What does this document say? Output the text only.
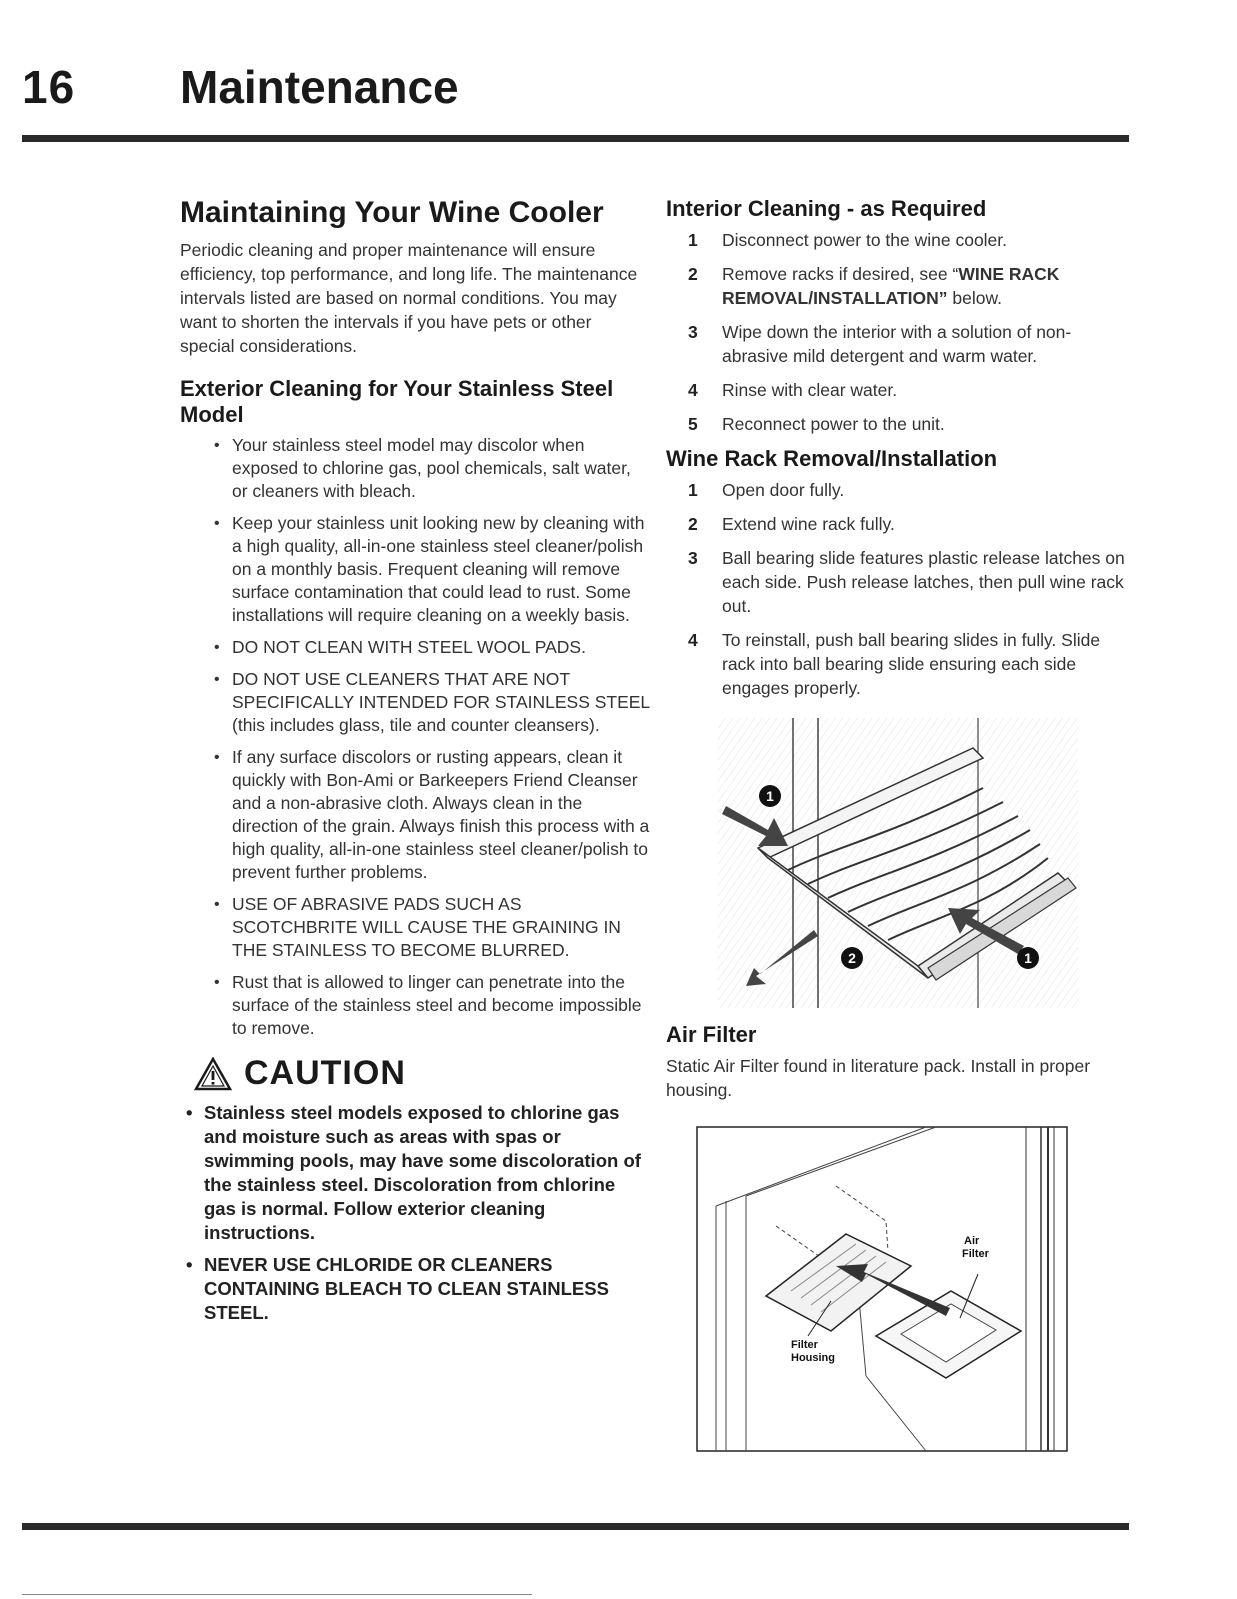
16 Maintenance
Maintaining Your Wine Cooler

Periodic cleaning and proper maintenance will ensure efficiency, top performance, and long life. The maintenance intervals listed are based on normal conditions. You may want to shorten the intervals if you have pets or other special considerations.

Exterior Cleaning for Your Stainless Steel Model
• Your stainless steel model may discolor when exposed to chlorine gas, pool chemicals, salt water, or cleaners with bleach.
• Keep your stainless unit looking new by cleaning with a high quality, all-in-one stainless steel cleaner/polish on a monthly basis. Frequent cleaning will remove surface contamination that could lead to rust. Some installations will require cleaning on a weekly basis.
• DO NOT CLEAN WITH STEEL WOOL PADS.
• DO NOT USE CLEANERS THAT ARE NOT SPECIFICALLY INTENDED FOR STAINLESS STEEL (this includes glass, tile and counter cleansers).
• If any surface discolors or rusting appears, clean it quickly with Bon-Ami or Barkeepers Friend Cleanser and a non-abrasive cloth. Always clean in the direction of the grain. Always finish this process with a high quality, all-in-one stainless steel cleaner/polish to prevent further problems.
• USE OF ABRASIVE PADS SUCH AS SCOTCHBRITE WILL CAUSE THE GRAINING IN THE STAINLESS TO BECOME BLURRED.
• Rust that is allowed to linger can penetrate into the surface of the stainless steel and become impossible to remove.
CAUTION
• Stainless steel models exposed to chlorine gas and moisture such as areas with spas or swimming pools, may have some discoloration of the stainless steel. Discoloration from chlorine gas is normal. Follow exterior cleaning instructions.
• NEVER USE CHLORIDE OR CLEANERS CONTAINING BLEACH TO CLEAN STAINLESS STEEL.
Interior Cleaning - as Required
1 Disconnect power to the wine cooler.
2 Remove racks if desired, see “WINE RACK REMOVAL/INSTALLATION” below.
3 Wipe down the interior with a solution of non-abrasive mild detergent and warm water.
4 Rinse with clear water.
5 Reconnect power to the unit.
Wine Rack Removal/Installation
1 Open door fully.
2 Extend wine rack fully.
3 Ball bearing slide features plastic release latches on each side. Push release latches, then pull wine rack out.
4 To reinstall, push ball bearing slides in fully. Slide rack into ball bearing slide ensuring each side engages properly.
1
2	1
Air Filter

Static Air Filter found in literature pack. Install in proper housing.

Air
Filter
Filter
Housing
